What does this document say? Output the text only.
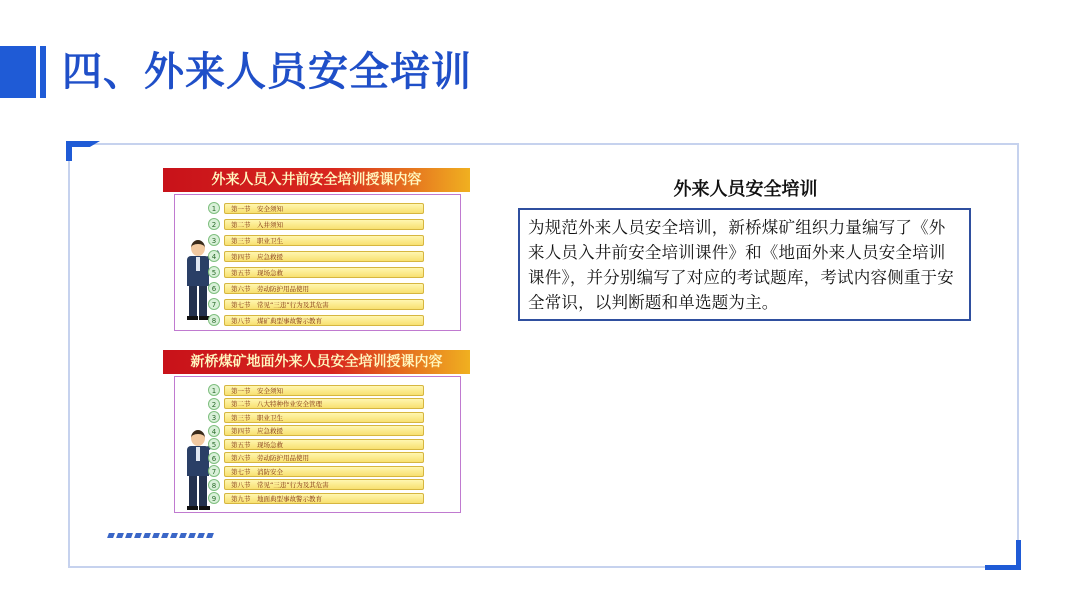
四、外来人员安全培训
外来人员入井前安全培训授课内容
1	第一节　安全须知
2	第二节　入井须知
3	第三节　职业卫生
4	第四节　应急救援
5	第五节　现场急救
6	第六节　劳动防护用品使用
7	第七节　常见“三违”行为及其危害
8	第八节　煤矿典型事故警示教育
新桥煤矿地面外来人员安全培训授课内容
1	第一节　安全须知
2	第二节　八大特种作业安全管理
3	第三节　职业卫生
4	第四节　应急救援
5	第五节　现场急救
6	第六节　劳动防护用品使用
7	第七节　消防安全
8	第八节　常见“三违”行为及其危害
9	第九节　地面典型事故警示教育
外来人员安全培训
为规范外来人员安全培训，新桥煤矿组织力量编写了《外来人员入井前安全培训课件》和《地面外来人员安全培训课件》，并分别编写了对应的考试题库，考试内容侧重于安全常识，以判断题和单选题为主。
